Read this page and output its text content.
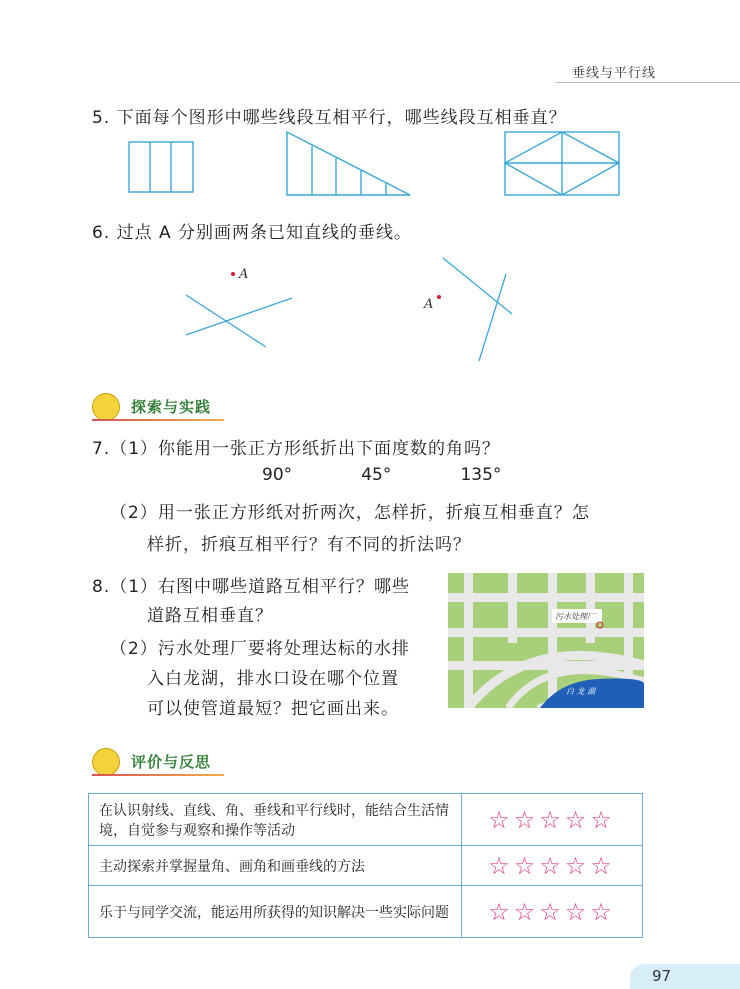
垂线与平行线
5. 下面每个图形中哪些线段互相平行，哪些线段互相垂直？
6. 过点 A 分别画两条已知直线的垂线。
A
A
探索与实践
7.（1）你能用一张正方形纸折出下面度数的角吗？
90°	45°	135°
（2）用一张正方形纸对折两次，怎样折，折痕互相垂直？怎
样折，折痕互相平行？有不同的折法吗？
8.（1）右图中哪些道路互相平行？哪些
道路互相垂直？
（2）污水处理厂要将处理达标的水排
入白龙湖，排水口设在哪个位置
可以使管道最短？把它画出来。
污水处理厂
白 龙 湖
评价与反思
在认识射线、直线、角、垂线和平行线时，能结合生活情境，自觉参与观察和操作等活动	☆☆☆☆☆
主动探索并掌握量角、画角和画垂线的方法	☆☆☆☆☆
乐于与同学交流，能运用所获得的知识解决一些实际问题	☆☆☆☆☆
97
